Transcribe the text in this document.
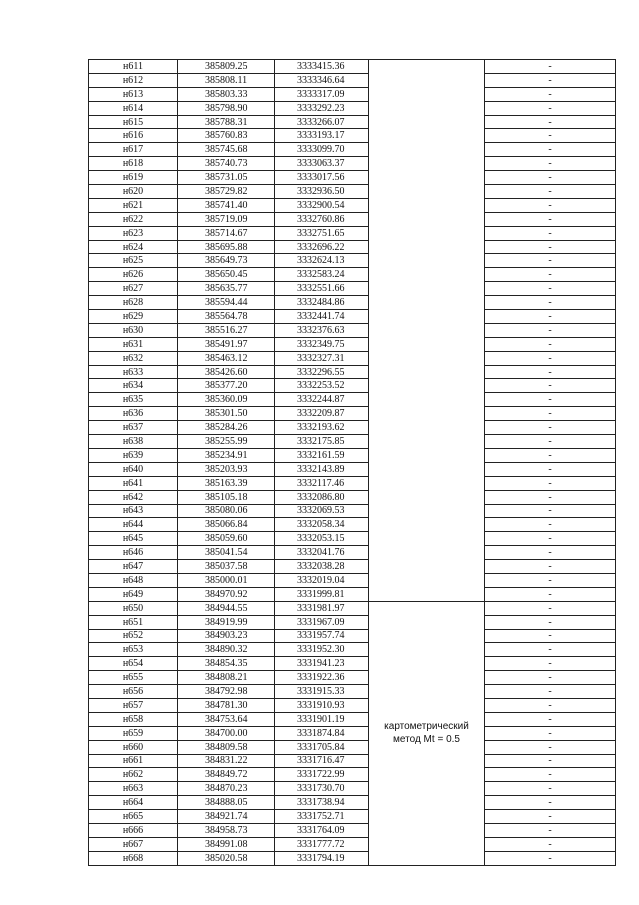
н611	385809.25	3333415.36		-
н612	385808.11	3333346.64		-
н613	385803.33	3333317.09		-
н614	385798.90	3333292.23		-
н615	385788.31	3333266.07		-
н616	385760.83	3333193.17		-
н617	385745.68	3333099.70		-
н618	385740.73	3333063.37		-
н619	385731.05	3333017.56		-
н620	385729.82	3332936.50		-
н621	385741.40	3332900.54		-
н622	385719.09	3332760.86		-
н623	385714.67	3332751.65		-
н624	385695.88	3332696.22		-
н625	385649.73	3332624.13		-
н626	385650.45	3332583.24		-
н627	385635.77	3332551.66		-
н628	385594.44	3332484.86		-
н629	385564.78	3332441.74		-
н630	385516.27	3332376.63		-
н631	385491.97	3332349.75		-
н632	385463.12	3332327.31		-
н633	385426.60	3332296.55		-
н634	385377.20	3332253.52		-
н635	385360.09	3332244.87		-
н636	385301.50	3332209.87		-
н637	385284.26	3332193.62		-
н638	385255.99	3332175.85		-
н639	385234.91	3332161.59		-
н640	385203.93	3332143.89		-
н641	385163.39	3332117.46		-
н642	385105.18	3332086.80		-
н643	385080.06	3332069.53		-
н644	385066.84	3332058.34		-
н645	385059.60	3332053.15		-
н646	385041.54	3332041.76		-
н647	385037.58	3332038.28		-
н648	385000.01	3332019.04		-
н649	384970.92	3331999.81		-
н650	384944.55	3331981.97	картометрический метод Mt = 0.5	-
н651	384919.99	3331967.09		-
н652	384903.23	3331957.74		-
н653	384890.32	3331952.30		-
н654	384854.35	3331941.23		-
н655	384808.21	3331922.36		-
н656	384792.98	3331915.33		-
н657	384781.30	3331910.93		-
н658	384753.64	3331901.19		-
н659	384700.00	3331874.84		-
н660	384809.58	3331705.84		-
н661	384831.22	3331716.47		-
н662	384849.72	3331722.99		-
н663	384870.23	3331730.70		-
н664	384888.05	3331738.94		-
н665	384921.74	3331752.71		-
н666	384958.73	3331764.09		-
н667	384991.08	3331777.72		-
н668	385020.58	3331794.19		-
